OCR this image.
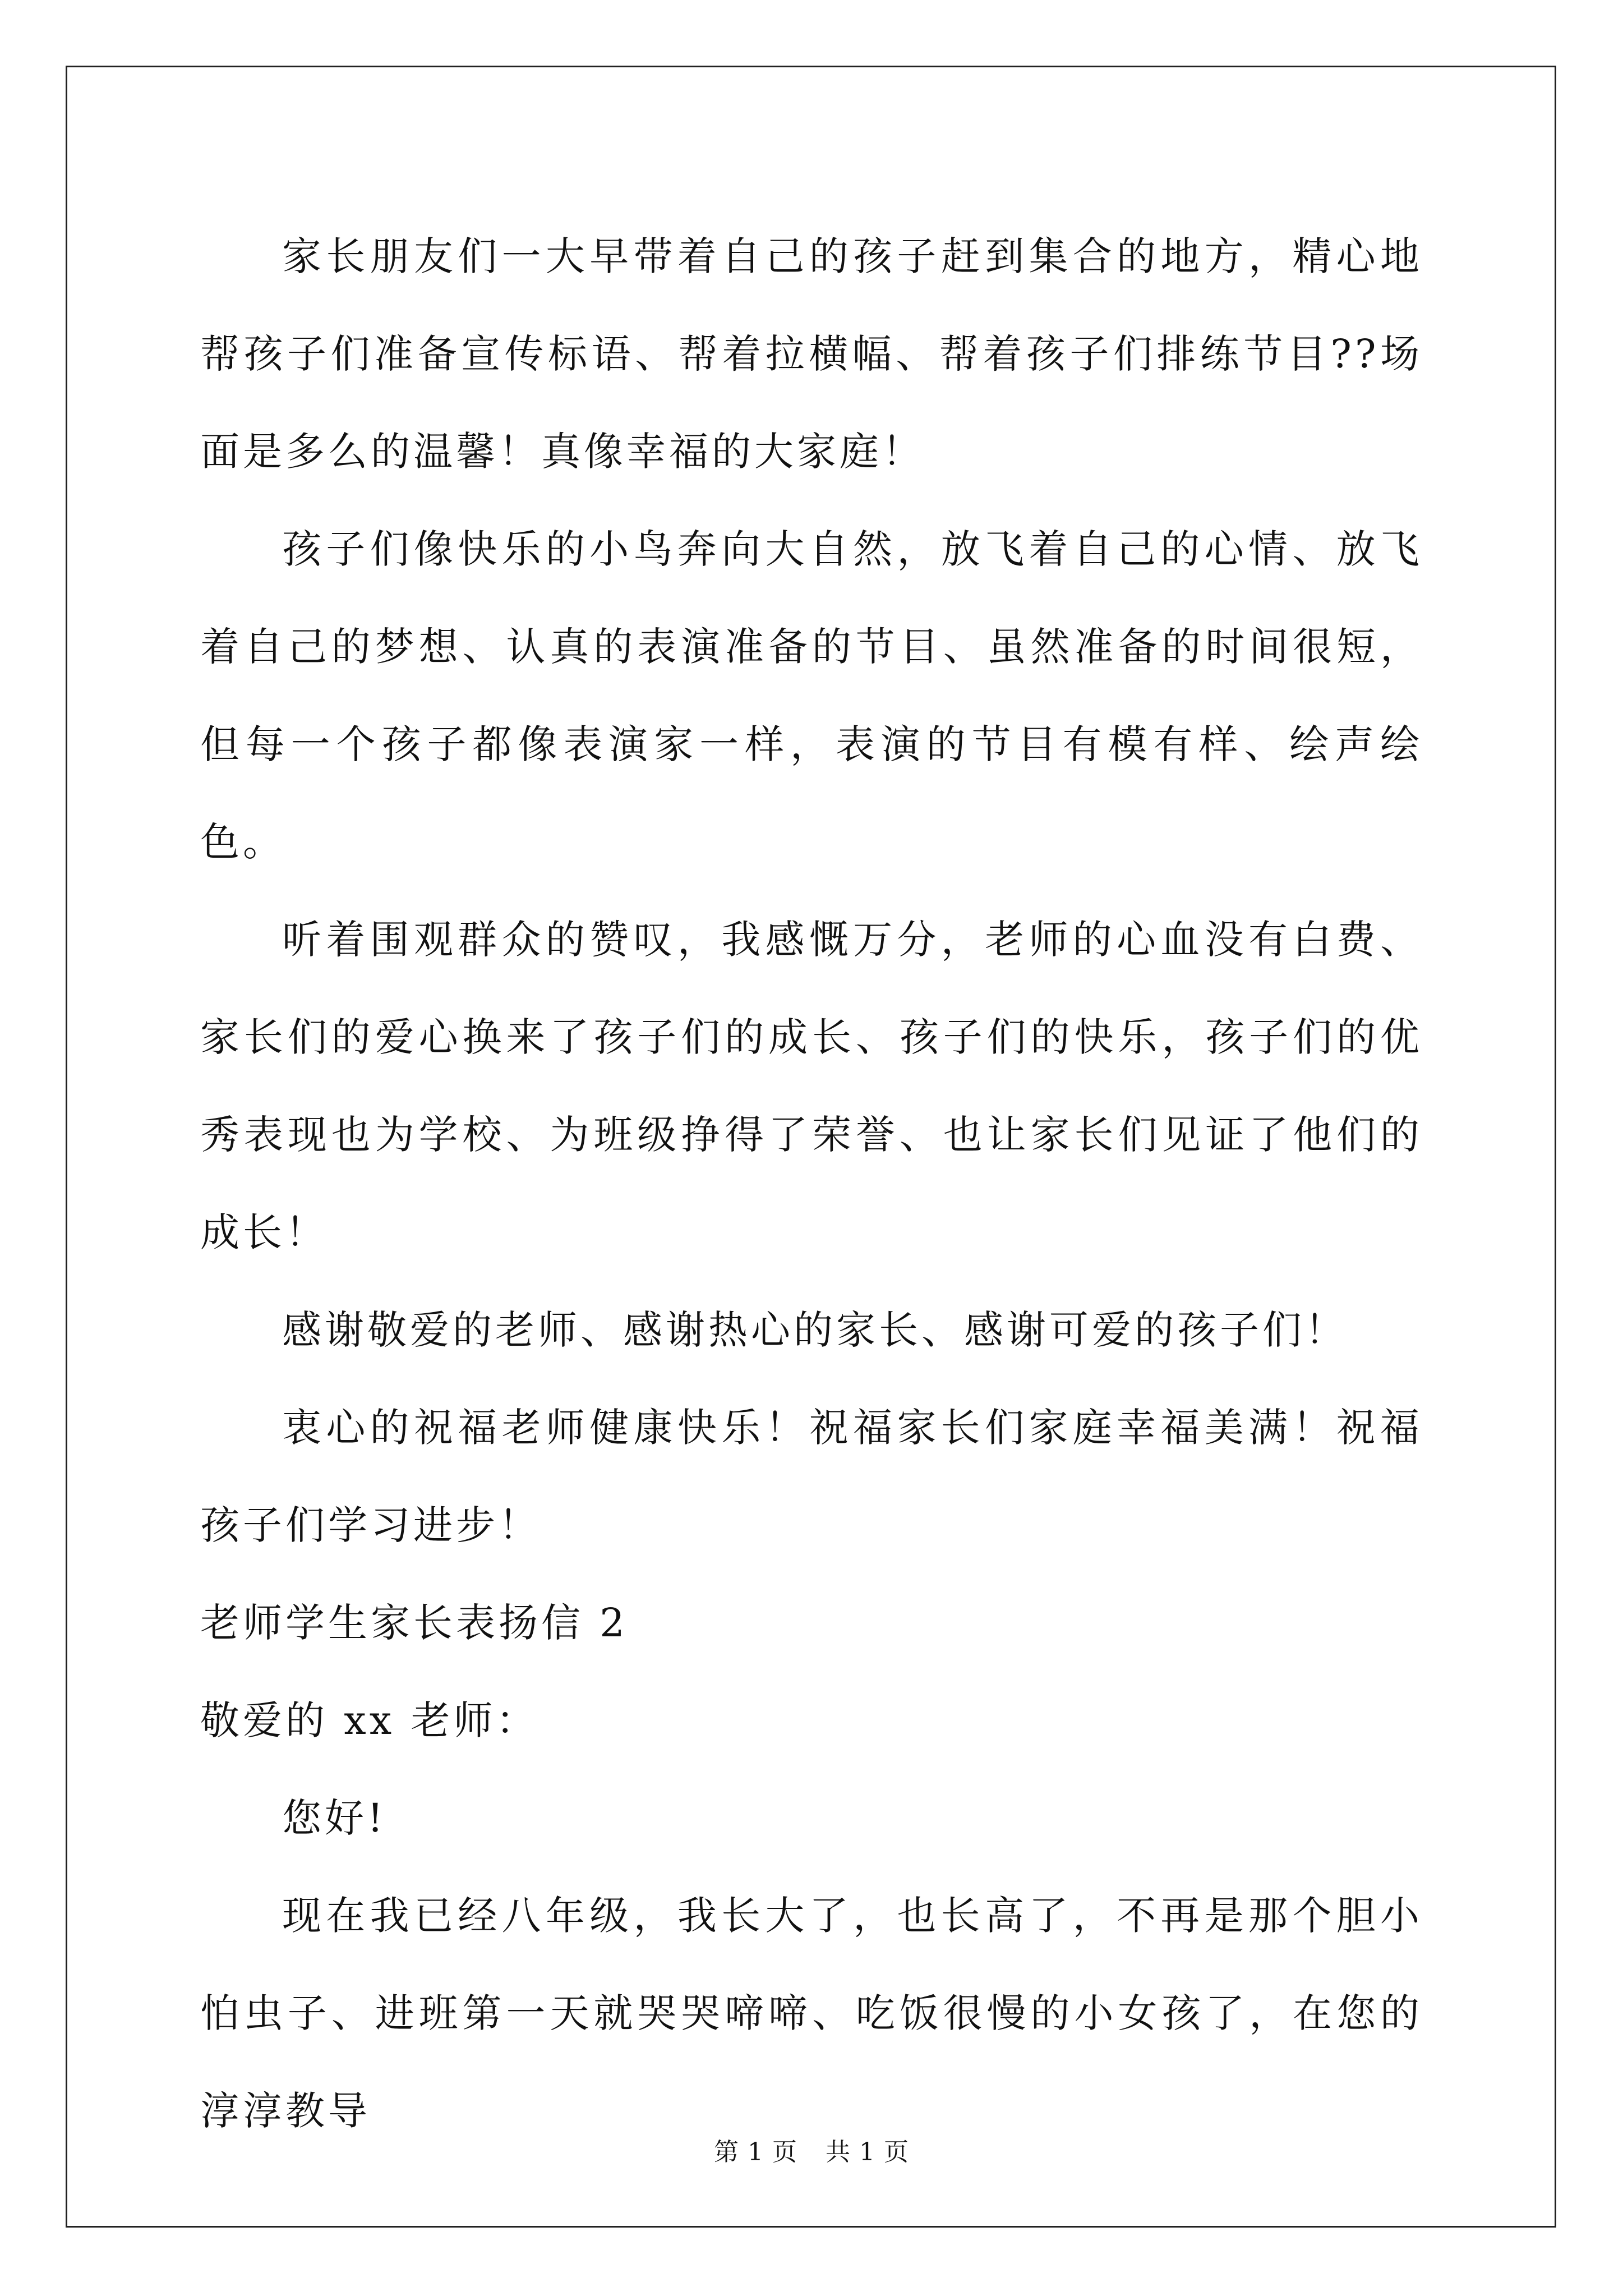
家长朋友们一大早带着自己的孩子赶到集合的地方，精心地帮孩子们准备宣传标语、帮着拉横幅、帮着孩子们排练节目??场面是多么的温馨！真像幸福的大家庭！

孩子们像快乐的小鸟奔向大自然，放飞着自己的心情、放飞着自己的梦想、认真的表演准备的节目、虽然准备的时间很短，但每一个孩子都像表演家一样，表演的节目有模有样、绘声绘色。

听着围观群众的赞叹，我感慨万分，老师的心血没有白费、家长们的爱心换来了孩子们的成长、孩子们的快乐，孩子们的优秀表现也为学校、为班级挣得了荣誉、也让家长们见证了他们的成长！

感谢敬爱的老师、感谢热心的家长、感谢可爱的孩子们！

衷心的祝福老师健康快乐！祝福家长们家庭幸福美满！祝福孩子们学习进步！

老师学生家长表扬信 2

敬爱的 xx 老师：

您好!

现在我已经八年级，我长大了，也长高了，不再是那个胆小怕虫子、进班第一天就哭哭啼啼、吃饭很慢的小女孩了，在您的淳淳教导

第 1 页 共 1 页
